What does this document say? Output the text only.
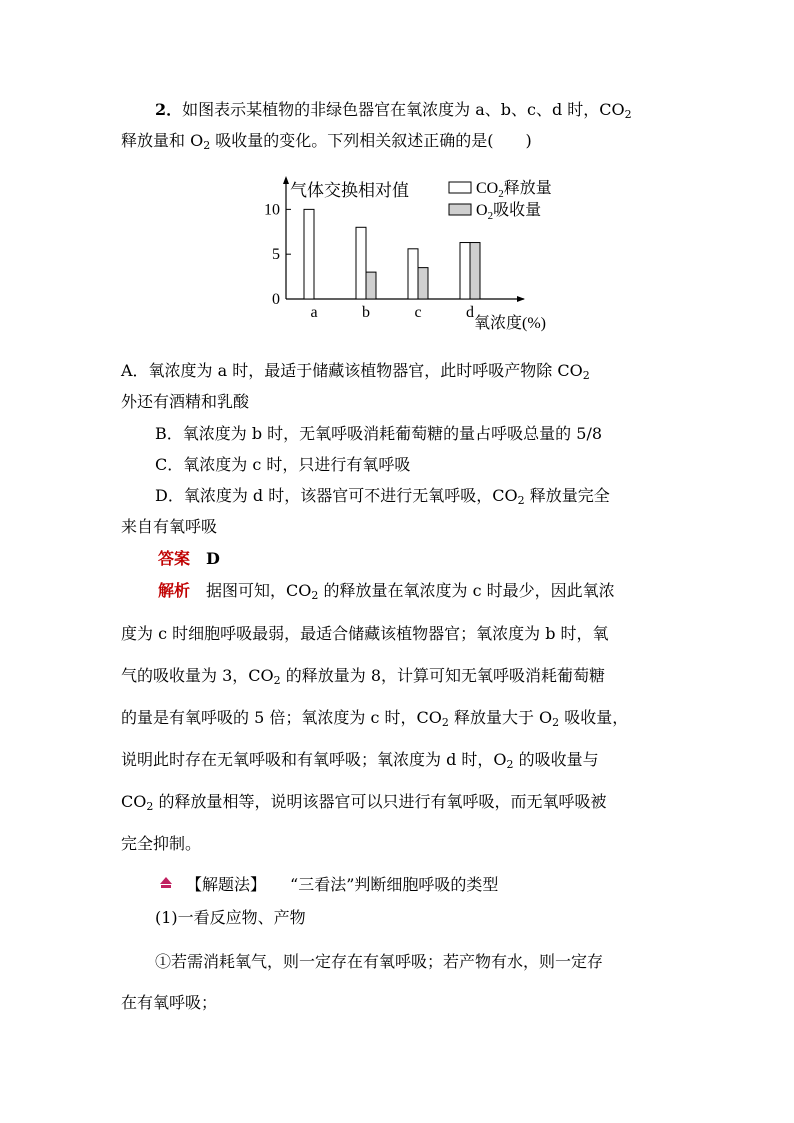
2．如图表示某植物的非绿色器官在氧浓度为 a、b、c、d 时，$CO_2$
释放量和 $O_2$ 吸收量的变化。下列相关叙述正确的是(　　)
气体交换相对值	$CO_2$释放量
$O_2$吸收量
0
5
10
a	b	c	d
氧浓度(%)
A．氧浓度为 a 时，最适于储藏该植物器官，此时呼吸产物除 $CO_2$
外还有酒精和乳酸
B．氧浓度为 b 时，无氧呼吸消耗葡萄糖的量占呼吸总量的 5/8
C．氧浓度为 c 时，只进行有氧呼吸
D．氧浓度为 d 时，该器官可不进行无氧呼吸，$CO_2$ 释放量完全
来自有氧呼吸
答案　 D
解析　据图可知，$CO_2$ 的释放量在氧浓度为 c 时最少，因此氧浓
度为 c 时细胞呼吸最弱，最适合储藏该植物器官；氧浓度为 b 时，氧
气的吸收量为 3，$CO_2$ 的释放量为 8，计算可知无氧呼吸消耗葡萄糖
的量是有氧呼吸的 5 倍；氧浓度为 c 时，$CO_2$ 释放量大于 $O_2$ 吸收量，
说明此时存在无氧呼吸和有氧呼吸；氧浓度为 d 时，$O_2$ 的吸收量与
$CO_2$ 的释放量相等，说明该器官可以只进行有氧呼吸，而无氧呼吸被
完全抑制。
【解题法】　　 “三看法”判断细胞呼吸的类型
(1)一看反应物、产物
①若需消耗氧气，则一定存在有氧呼吸；若产物有水，则一定存
在有氧呼吸；
